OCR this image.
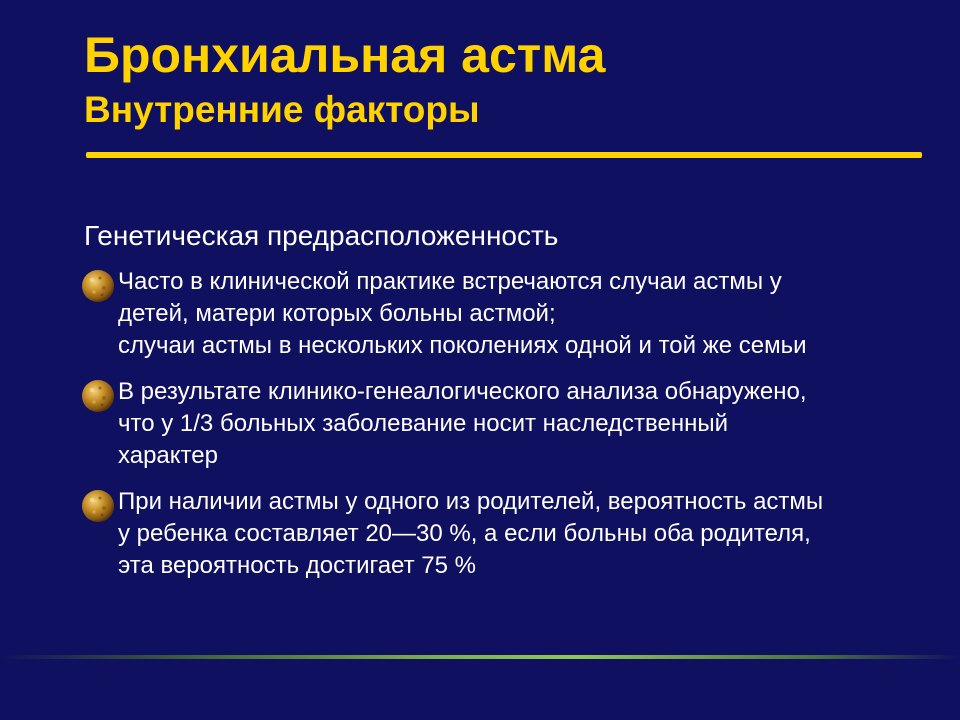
Бронхиальная астма
Внутренние факторы
Генетическая предрасположенность
Часто в клинической практике встречаются случаи астмы у
детей, матери которых больны астмой;
случаи астмы в нескольких поколениях одной и той же семьи
В результате клинико-генеалогического анализа обнаружено,
что у 1/3 больных заболевание носит наследственный
характер
При наличии астмы у одного из родителей, вероятность астмы
у ребенка составляет 20—30 %, а если больны оба родителя,
эта вероятность достигает 75 %
